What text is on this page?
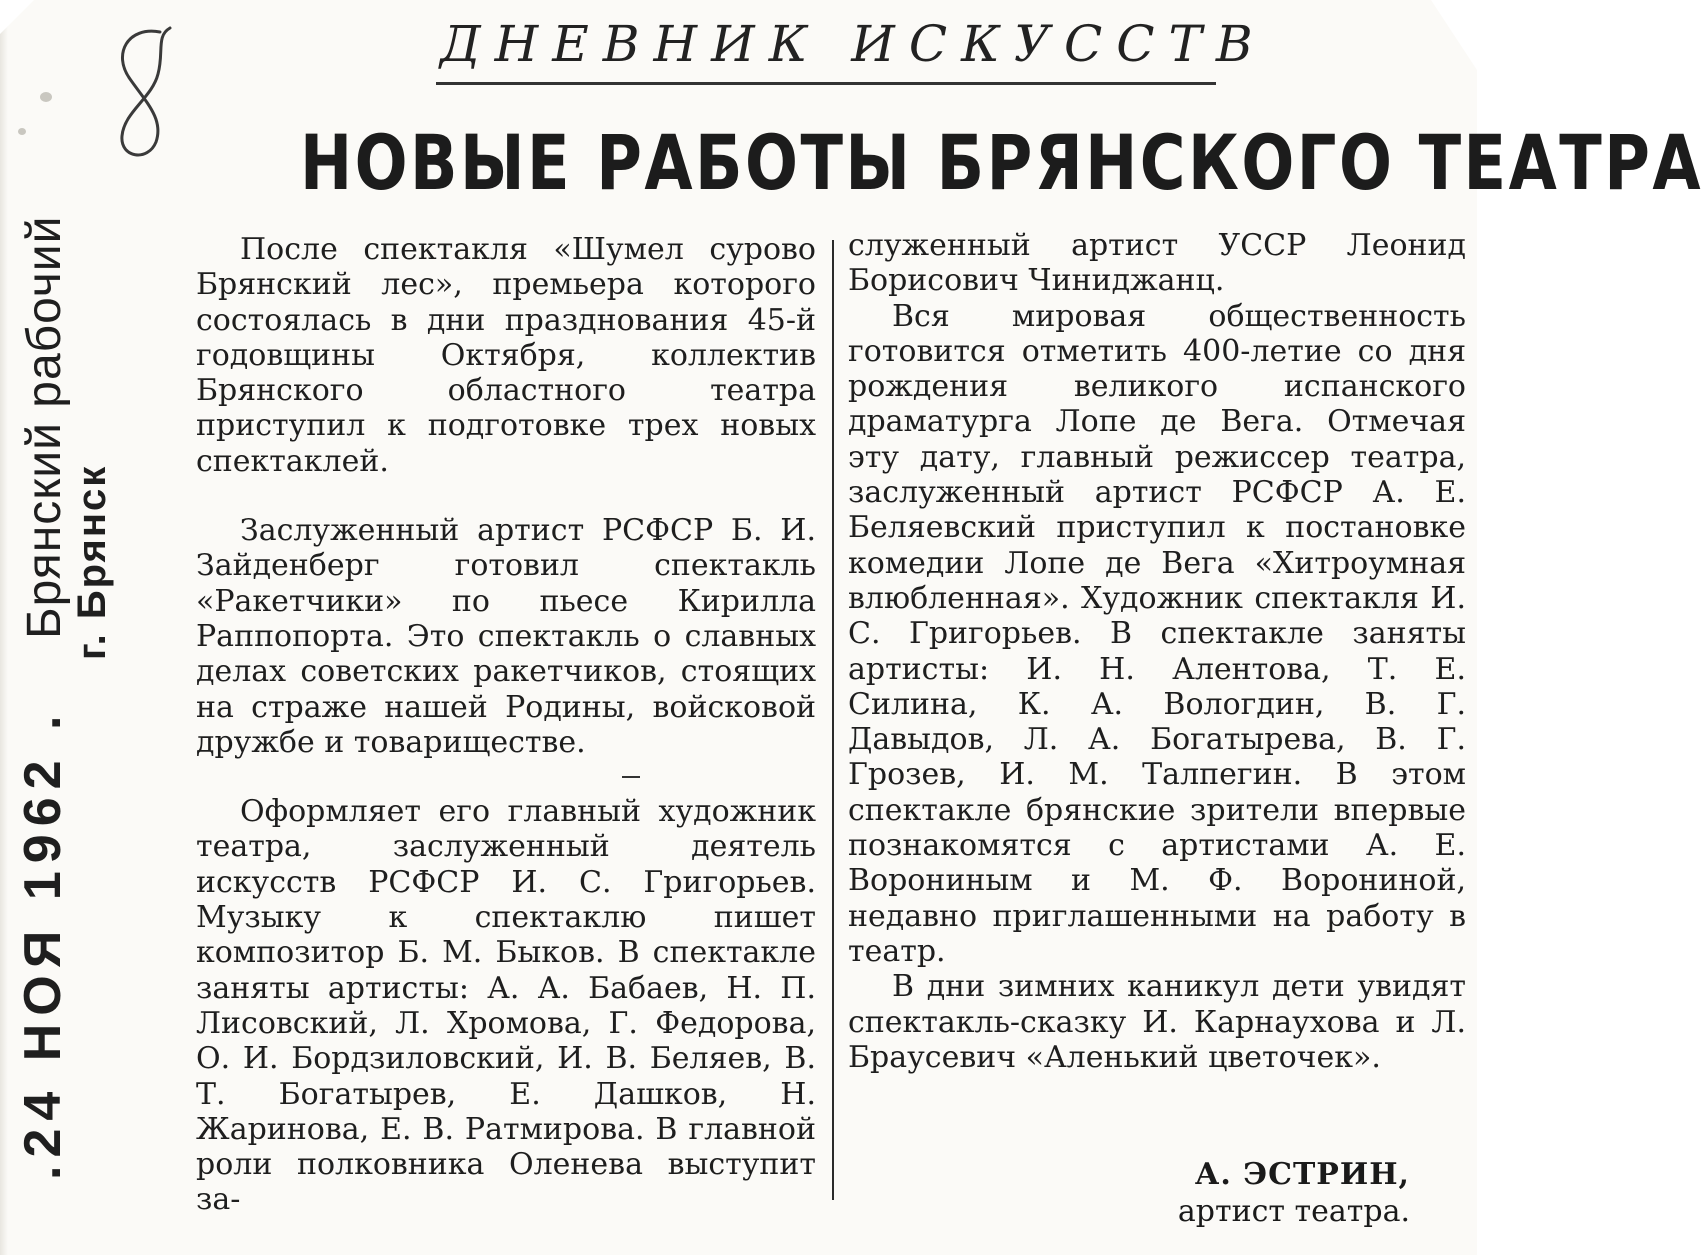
ДНЕВНИК ИСКУССТВ
НОВЫЕ РАБОТЫ БРЯНСКОГО ТЕАТРА
.24 НОЯ 1962 .  Брянский рабочий г. Брянск

После спектакля «Шумел сурово Брянский лес», премьера которого состоялась в дни празднования 45-й годовщины Октября, коллектив Брянского областного театра приступил к подготовке трех новых спектаклей.

Заслуженный артист РСФСР Б. И. Зайденберг готовил спектакль «Ракетчики» по пьесе Кирилла Раппопорта. Это спектакль о славных делах советских ракетчиков, стоящих на страже нашей Родины, войсковой дружбе и товариществе.

Оформляет его главный художник театра, заслуженный деятель искусств РСФСР И. С. Григорьев. Музыку к спектаклю пишет композитор Б. М. Быков. В спектакле заняты артисты: А. А. Бабаев, Н. П. Лисовский, Л. Хромова, Г. Федорова, О. И. Бордзиловский, И. В. Беляев, В. Т. Богатырев, Е. Дашков, Н. Жаринова, Е. В. Ратмирова. В главной роли полковника Оленева выступит за-

служенный артист УССР Леонид Борисович Чиниджанц.

Вся мировая общественность готовится отметить 400-летие со дня рождения великого испанского драматурга Лопе де Вега. Отмечая эту дату, главный режиссер театра, заслуженный артист РСФСР А. Е. Беляевский приступил к постановке комедии Лопе де Вега «Хитроумная влюбленная». Художник спектакля И. С. Григорьев. В спектакле заняты артисты: И. Н. Алентова, Т. Е. Силина, К. А. Вологдин, В. Г. Давыдов, Л. А. Богатырева, В. Г. Грозев, И. М. Талпегин. В этом спектакле брянские зрители впервые познакомятся с артистами А. Е. Ворониным и М. Ф. Ворониной, недавно приглашенными на работу в театр.

В дни зимних каникул дети увидят спектакль-сказку И. Карнаухова и Л. Браусевич «Аленький цветочек».

А. ЭСТРИН,
артист театра.
